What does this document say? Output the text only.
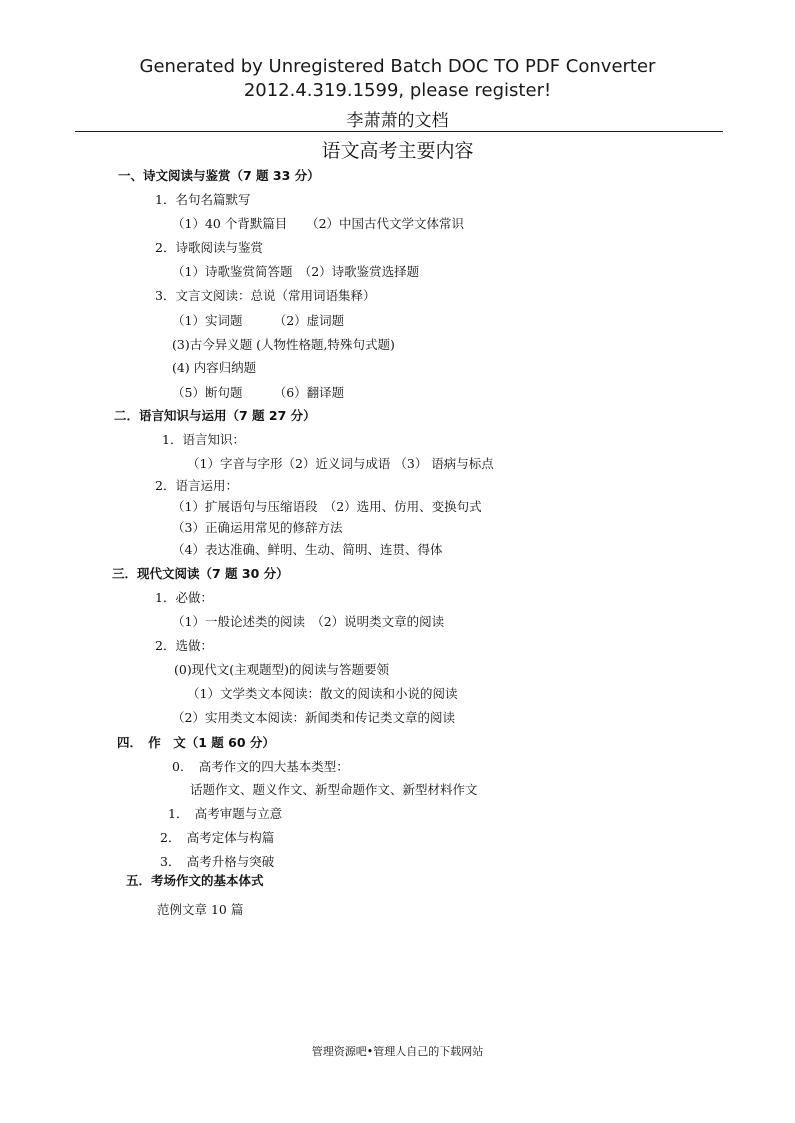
Generated by Unregistered Batch DOC TO PDF Converter
2012.4.319.1599, please register!
李萧萧的文档
语文高考主要内容
一、诗文阅读与鉴赏（7 题 33 分）
1．名句名篇默写
（1）40 个背默篇目　　（2）中国古代文学文体常识
2．诗歌阅读与鉴赏
（1）诗歌鉴赏简答题　（2）诗歌鉴赏选择题
3．文言文阅读：总说（常用词语集释）
（1）实词题　　　（2）虚词题
(3)古今异义题 (人物性格题,特殊句式题)
(4) 内容归纳题
（5）断句题　　　（6）翻译题
二．语言知识与运用（7 题 27 分）
1．语言知识：
（1）字音与字形（2）近义词与成语 （3） 语病与标点
2．语言运用：
（1）扩展语句与压缩语段　（2）选用、仿用、变换句式
（3）正确运用常见的修辞方法
（4）表达准确、鲜明、生动、简明、连贯、得体
三．现代文阅读（7 题 30 分）
1．必做：
（1）一般论述类的阅读　（2）说明类文章的阅读
2．选做：
(0)现代文(主观题型)的阅读与答题要领
（1）文学类文本阅读：散文的阅读和小说的阅读
（2）实用类文本阅读：新闻类和传记类文章的阅读
四．　作　文（1 题 60 分）
0．　高考作文的四大基本类型：
话题作文、题义作文、新型命题作文、新型材料作文
1．　高考审题与立意
2．　高考定体与构篇
3．　高考升格与突破
五．考场作文的基本体式
范例文章 10 篇
管理资源吧•管理人自己的下载网站
